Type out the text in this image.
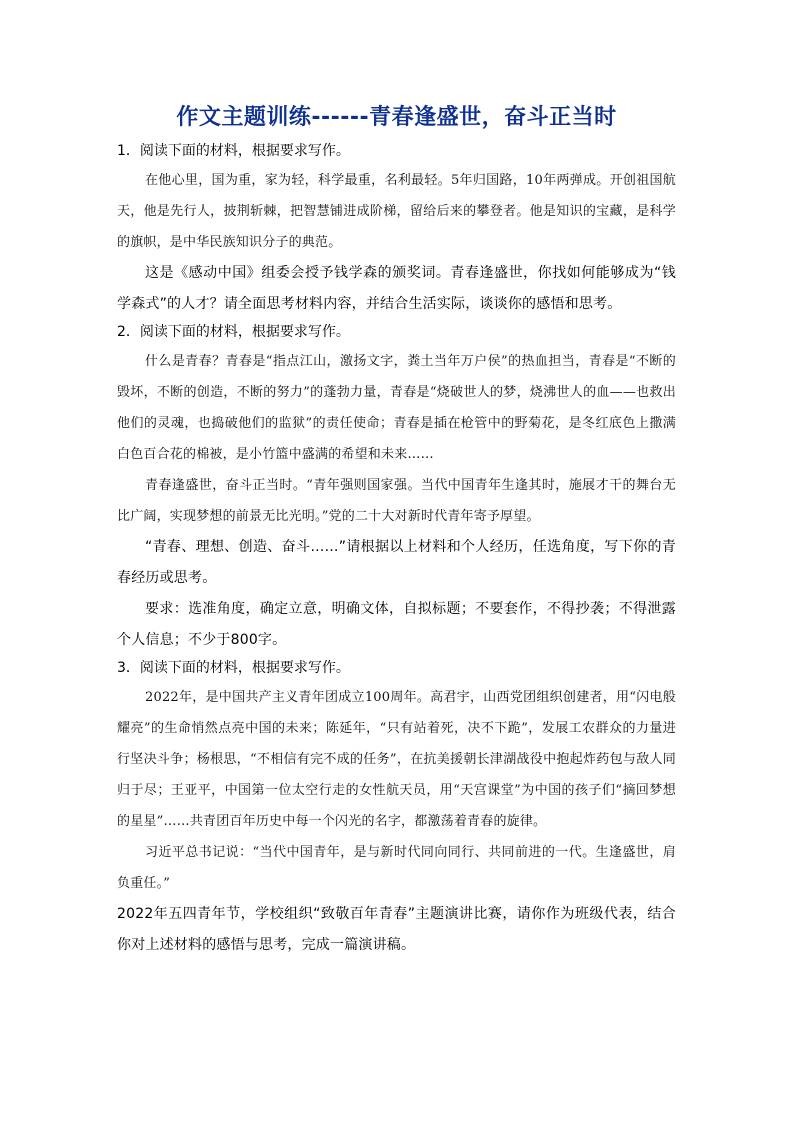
作文主题训练------青春逢盛世，奋斗正当时

1．阅读下面的材料，根据要求写作。

在他心里，国为重，家为轻，科学最重，名利最轻。5年归国路，10年两弹成。开创祖国航天，他是先行人，披荆斩棘，把智慧铺进成阶梯，留给后来的攀登者。他是知识的宝藏，是科学的旗帜，是中华民族知识分子的典范。

这是《感动中国》组委会授予钱学森的颁奖词。青春逢盛世，你找如何能够成为“钱学森式”的人才？请全面思考材料内容，并结合生活实际，谈谈你的感悟和思考。

2．阅读下面的材料，根据要求写作。

什么是青春？青春是“指点江山，激扬文字，粪土当年万户侯”的热血担当，青春是“不断的毁坏，不断的创造，不断的努力”的蓬勃力量，青春是“烧破世人的梦，烧沸世人的血——也救出他们的灵魂，也捣破他们的监狱”的责任使命；青春是插在枪管中的野菊花，是冬红底色上撒满白色百合花的棉被，是小竹篮中盛满的希望和未来……

青春逢盛世，奋斗正当时。“青年强则国家强。当代中国青年生逢其时，施展才干的舞台无比广阔，实现梦想的前景无比光明。”党的二十大对新时代青年寄予厚望。

“青春、理想、创造、奋斗……”请根据以上材料和个人经历，任选角度，写下你的青春经历或思考。

要求：选准角度，确定立意，明确文体，自拟标题；不要套作，不得抄袭；不得泄露个人信息；不少于800字。

3．阅读下面的材料，根据要求写作。

2022年，是中国共产主义青年团成立100周年。高君宇，山西党团组织创建者，用“闪电般耀亮”的生命悄然点亮中国的未来；陈延年，“只有站着死，决不下跪”，发展工农群众的力量进行坚决斗争；杨根思，“不相信有完不成的任务”，在抗美援朝长津湖战役中抱起炸药包与敌人同归于尽；王亚平，中国第一位太空行走的女性航天员，用“天宫课堂”为中国的孩子们“摘回梦想的星星”……共青团百年历史中每一个闪光的名字，都激荡着青春的旋律。

习近平总书记说：“当代中国青年，是与新时代同向同行、共同前进的一代。生逢盛世，肩负重任。”

2022年五四青年节，学校组织“致敬百年青春”主题演讲比赛，请你作为班级代表，结合你对上述材料的感悟与思考，完成一篇演讲稿。
